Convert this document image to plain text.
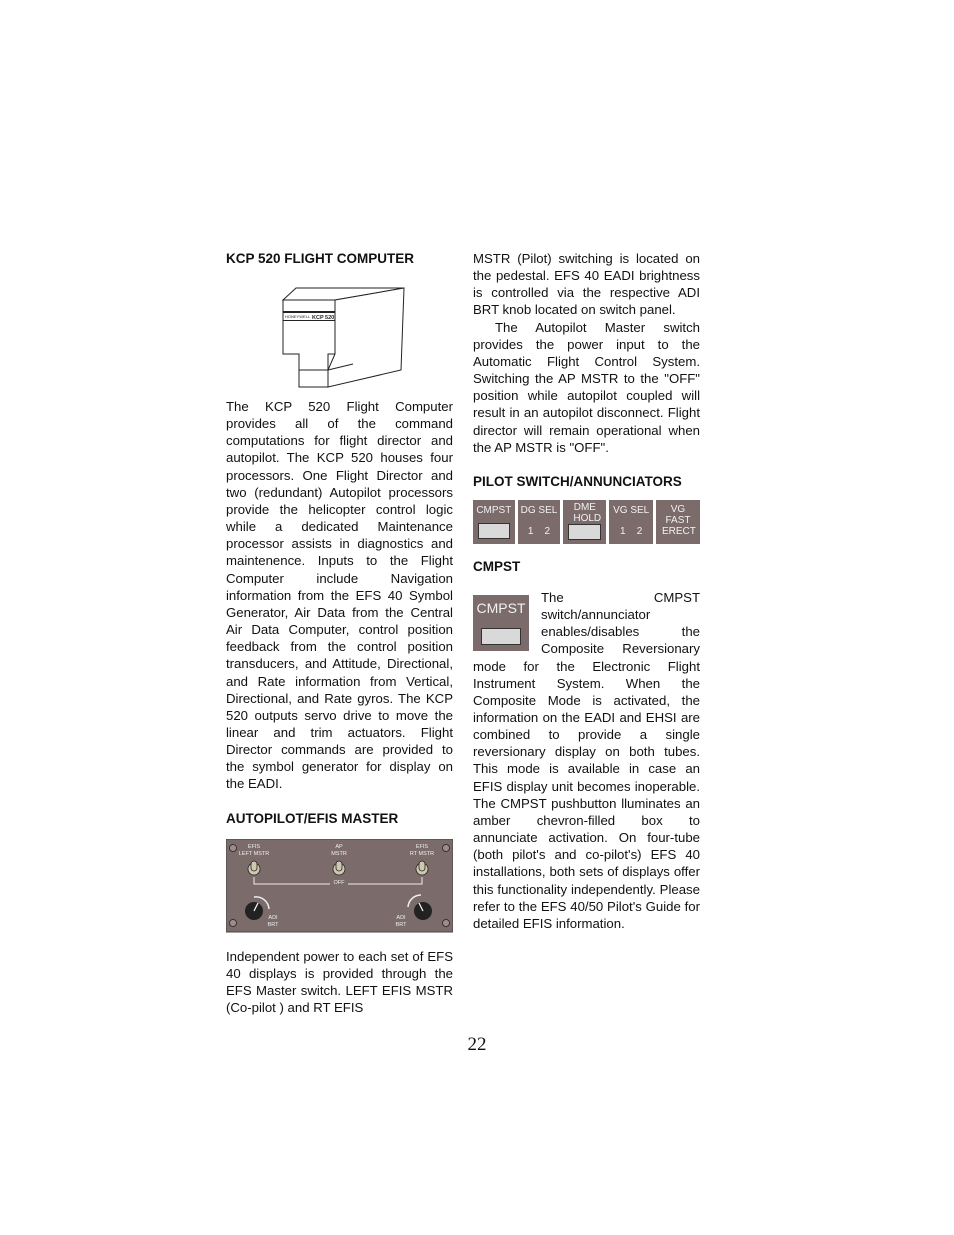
KCP 520 FLIGHT COMPUTER
HONEYWELL KCP 520

The KCP 520 Flight Computer provides all of the command computations for flight director and autopilot. The KCP 520 houses four processors. One Flight Director and two (redundant) Autopilot processors provide the helicopter control logic while a dedicated Maintenance processor assists in diagnostics and maintenence. Inputs to the Flight Computer include Navigation information from the EFS 40 Symbol Generator, Air Data from the Central Air Data Computer, control position feedback from the control position transducers, and Attitude, Directional, and Rate information from Vertical, Directional, and Rate gyros. The KCP 520 outputs servo drive to move the linear and trim actuators. Flight Director commands are provided to the symbol generator for display on the EADI.

AUTOPILOT/EFIS MASTER
EFIS
LEFT MSTR
AP
MSTR
EFIS
RT MSTR
OFF
ADI
BRT
ADI
BRT

Independent power to each set of EFS 40 displays is provided through the EFS Master switch. LEFT EFIS MSTR (Co-pilot ) and RT EFIS

MSTR (Pilot) switching is located on the pedestal. EFS 40 EADI brightness is controlled via the respective ADI BRT knob located on switch panel.

The Autopilot Master switch provides the power input to the Automatic Flight Control System. Switching the AP MSTR to the "OFF" position while autopilot coupled will result in an autopilot disconnect. Flight director will remain operational when the AP MSTR is "OFF".

PILOT SWITCH/ANNUNCIATORS
CMPST DG SEL
1    2
DME HOLD
VG SEL
1    2
VG FAST ERECT
CMPST
CMPST

The CMPST switch/annunciator enables/disables the Composite Reversionary mode for the Electronic Flight Instrument System. When the Composite Mode is activated, the information on the EADI and EHSI are combined to provide a single reversionary display on both tubes. This mode is available in case an EFIS display unit becomes inoperable. The CMPST pushbutton lluminates an amber chevron-filled box to annunciate activation. On four-tube (both pilot's and co-pilot's) EFS 40 installations, both sets of displays offer this functionality independently. Please refer to the EFS 40/50 Pilot's Guide for detailed EFIS information.

22
